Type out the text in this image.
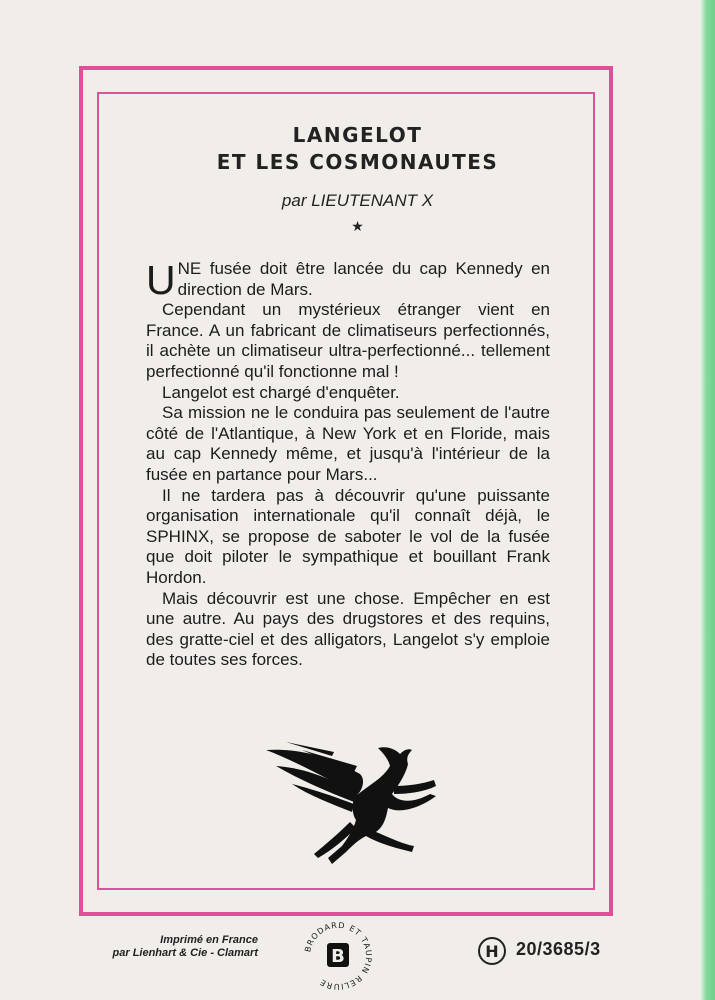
LANGELOT
ET LES COSMONAUTES
par LIEUTENANT X
★

UNE fusée doit être lancée du cap Kennedy en direction de Mars.

Cependant un mystérieux étranger vient en France. A un fabricant de climatiseurs perfectionnés, il achète un climatiseur ultra-perfectionné... tellement perfectionné qu'il fonctionne mal !

Langelot est chargé d'enquêter.

Sa mission ne le conduira pas seulement de l'autre côté de l'Atlantique, à New York et en Floride, mais au cap Kennedy même, et jusqu'à l'intérieur de la fusée en partance pour Mars...

Il ne tardera pas à découvrir qu'une puissante organisation internationale qu'il connaît déjà, le SPHINX, se propose de saboter le vol de la fusée que doit piloter le sympathique et bouillant Frank Hordon.

Mais découvrir est une chose. Empêcher en est une autre. Au pays des drugstores et des requins, des gratte-ciel et des alligators, Langelot s'y emploie de toutes ses forces.

Imprimé en France
par Lienhart & Cie - Clamart	BRODARD ET TAUPIN RELIURE
B	H 20/3685/3
